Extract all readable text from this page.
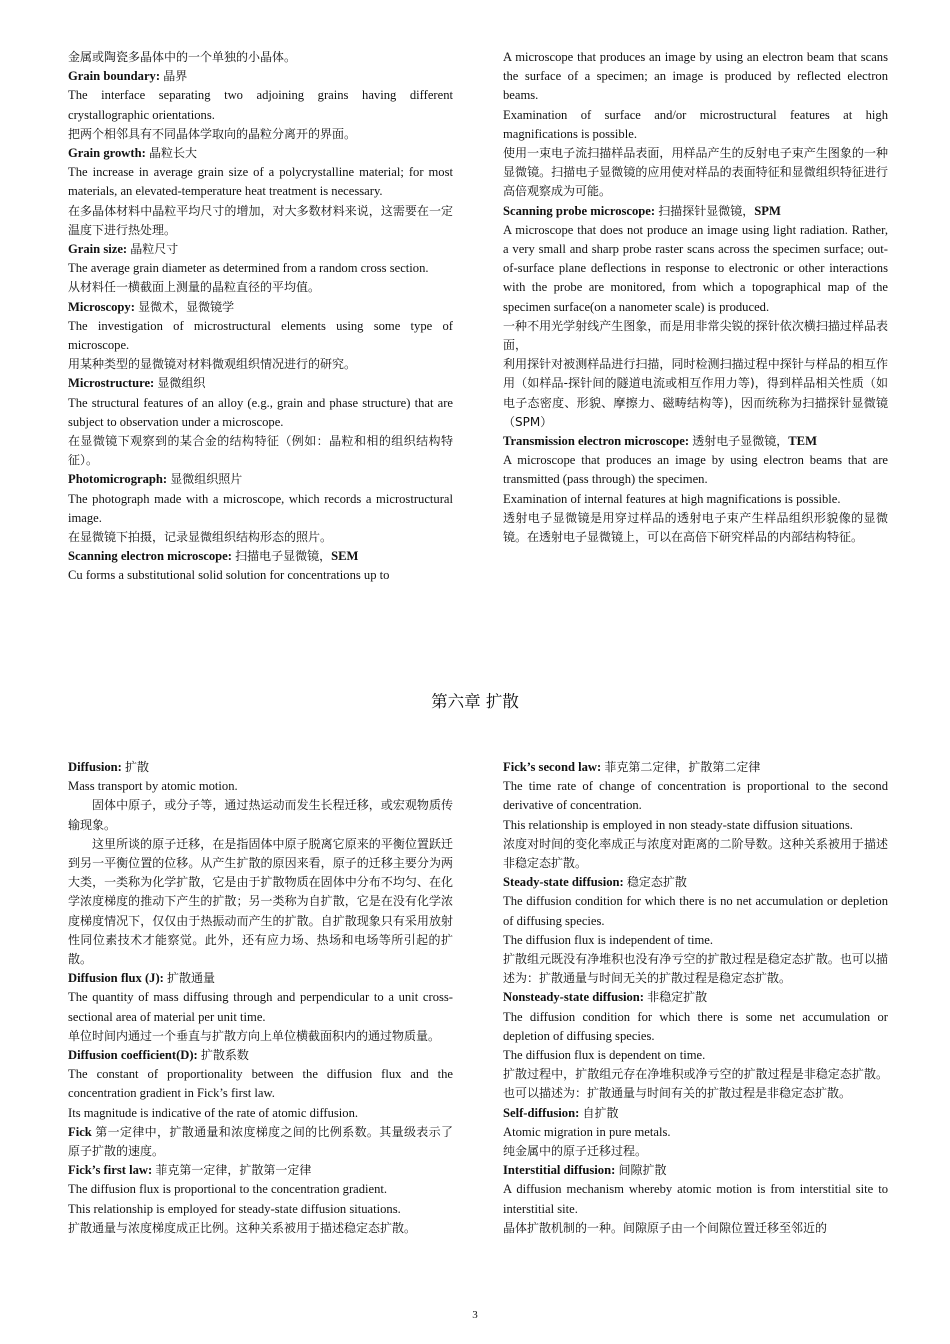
金属或陶瓷多晶体中的一个单独的小晶体。

Grain boundary: 晶界

The interface separating two adjoining grains having different crystallographic orientations.

把两个相邻具有不同晶体学取向的晶粒分离开的界面。

Grain growth: 晶粒长大

The increase in average grain size of a polycrystalline material; for most materials, an elevated-temperature heat treatment is necessary.

在多晶体材料中晶粒平均尺寸的增加，对大多数材料来说，这需要在一定温度下进行热处理。

Grain size: 晶粒尺寸

The average grain diameter as determined from a random cross section.

从材料任一横截面上测量的晶粒直径的平均值。

Microscopy: 显微术，显微镜学

The investigation of microstructural elements using some type of microscope.

用某种类型的显微镜对材料微观组织情况进行的研究。

Microstructure: 显微组织

The structural features of an alloy (e.g., grain and phase structure) that are subject to observation under a microscope.

在显微镜下观察到的某合金的结构特征（例如：晶粒和相的组织结构特征）。

Photomicrograph: 显微组织照片

The photograph made with a microscope, which records a microstructural image.

在显微镜下拍摄，记录显微组织结构形态的照片。

Scanning electron microscope: 扫描电子显微镜，SEM

Cu forms a substitutional solid solution for concentrations up to

A microscope that produces an image by using an electron beam that scans the surface of a specimen; an image is produced by reflected electron beams.

Examination of surface and/or microstructural features at high magnifications is possible.

使用一束电子流扫描样品表面，用样品产生的反射电子束产生图象的一种显微镜。扫描电子显微镜的应用使对样品的表面特征和显微组织特征进行高倍观察成为可能。

Scanning probe microscope: 扫描探针显微镜，SPM

A microscope that does not produce an image using light radiation. Rather, a very small and sharp probe raster scans across the specimen surface; out-of-surface plane deflections in response to electronic or other interactions with the probe are monitored, from which a topographical map of the specimen surface(on a nanometer scale) is produced.

一种不用光学射线产生图象，而是用非常尖锐的探针依次横扫描过样品表面，

利用探针对被测样品进行扫描，同时检测扫描过程中探针与样品的相互作用（如样品-探针间的隧道电流或相互作用力等)，得到样品相关性质（如电子态密度、形貌、摩擦力、磁畴结构等)，因而统称为扫描探针显微镜（SPM）

Transmission electron microscope: 透射电子显微镜，TEM

A microscope that produces an image by using electron beams that are transmitted (pass through) the specimen.

Examination of internal features at high magnifications is possible.

透射电子显微镜是用穿过样品的透射电子束产生样品组织形貌像的显微镜。在透射电子显微镜上，可以在高倍下研究样品的内部结构特征。

第六章 扩散

Diffusion: 扩散

Mass transport by atomic motion.

固体中原子，或分子等，通过热运动而发生长程迁移，或宏观物质传输现象。

这里所谈的原子迁移，在是指固体中原子脱离它原来的平衡位置跃迁到另一平衡位置的位移。从产生扩散的原因来看，原子的迁移主要分为两大类，一类称为化学扩散，它是由于扩散物质在固体中分布不均匀、在化学浓度梯度的推动下产生的扩散；另一类称为自扩散，它是在没有化学浓度梯度情况下，仅仅由于热振动而产生的扩散。自扩散现象只有采用放射性同位素技术才能察觉。此外，还有应力场、热场和电场等所引起的扩散。

Diffusion flux (J): 扩散通量

The quantity of mass diffusing through and perpendicular to a unit cross-sectional area of material per unit time.

单位时间内通过一个垂直与扩散方向上单位横截面积内的通过物质量。

Diffusion coefficient(D): 扩散系数

The constant of proportionality between the diffusion flux and the concentration gradient in Fick’s first law.

Its magnitude is indicative of the rate of atomic diffusion.

Fick 第一定律中，扩散通量和浓度梯度之间的比例系数。其量级表示了原子扩散的速度。

Fick’s first law: 菲克第一定律，扩散第一定律

The diffusion flux is proportional to the concentration gradient.

This relationship is employed for steady-state diffusion situations.

扩散通量与浓度梯度成正比例。这种关系被用于描述稳定态扩散。

Fick’s second law: 菲克第二定律，扩散第二定律

The time rate of change of concentration is proportional to the second derivative of concentration.

This relationship is employed in non steady-state diffusion situations.

浓度对时间的变化率成正与浓度对距离的二阶导数。这种关系被用于描述非稳定态扩散。

Steady-state diffusion: 稳定态扩散

The diffusion condition for which there is no net accumulation or depletion of diffusing species.

The diffusion flux is independent of time.

扩散组元既没有净堆积也没有净亏空的扩散过程是稳定态扩散。也可以描述为：扩散通量与时间无关的扩散过程是稳定态扩散。

Nonsteady-state diffusion: 非稳定扩散

The diffusion condition for which there is some net accumulation or depletion of diffusing species.

The diffusion flux is dependent on time.

扩散过程中，扩散组元存在净堆积或净亏空的扩散过程是非稳定态扩散。也可以描述为：扩散通量与时间有关的扩散过程是非稳定态扩散。

Self-diffusion: 自扩散

Atomic migration in pure metals.

纯金属中的原子迁移过程。

Interstitial diffusion: 间隙扩散

A diffusion mechanism whereby atomic motion is from interstitial site to interstitial site.

晶体扩散机制的一种。间隙原子由一个间隙位置迁移至邻近的

3
